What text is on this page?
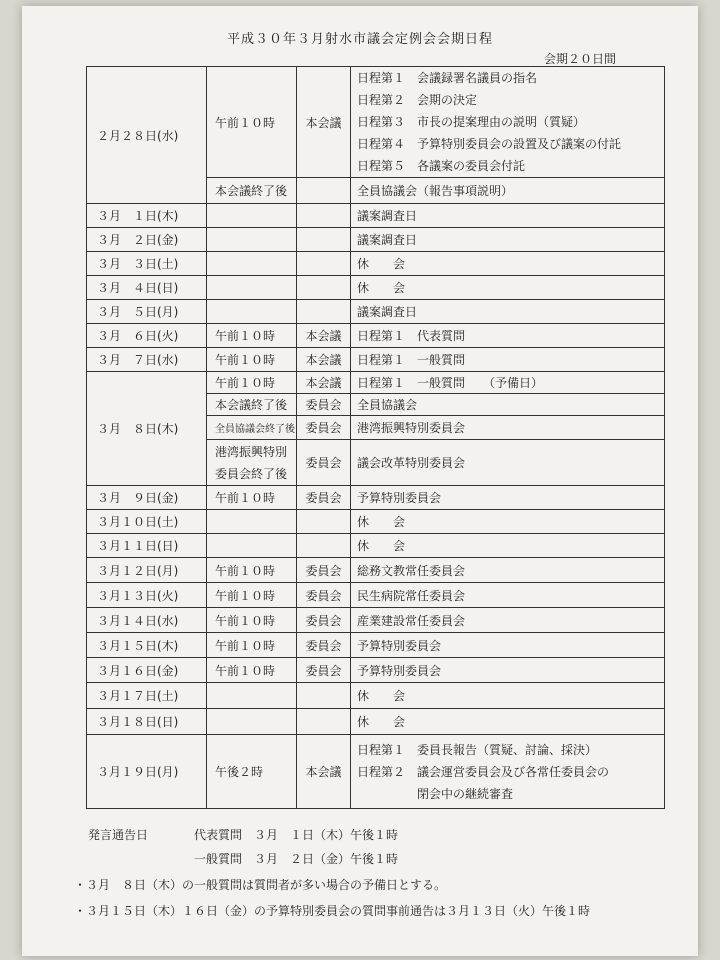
平成３０年３月射水市議会定例会会期日程
会期２０日間
２月２８日(水)	午前１０時	本会議	日程第１　会議録署名議員の指名
日程第２　会期の決定
日程第３　市長の提案理由の説明（質疑）
日程第４　予算特別委員会の設置及び議案の付託
日程第５　各議案の委員会付託

	本会議終了後		全員協議会（報告事項説明）
３月　１日(木)			議案調査日
３月　２日(金)			議案調査日
３月　３日(土)			休　　会
３月　４日(日)			休　　会
３月　５日(月)			議案調査日
３月　６日(火)	午前１０時	本会議	日程第１　代表質問
３月　７日(水)	午前１０時	本会議	日程第１　一般質問
３月　８日(木)	午前１０時	本会議	日程第１　一般質問　　（予備日）
	本会議終了後	委員会	全員協議会
	全員協議会終了後	委員会	港湾振興特別委員会

	港湾振興特別
委員会終了後	委員会	議会改革特別委員会
３月　９日(金)	午前１０時	委員会	予算特別委員会
３月１０日(土)			休　　会
３月１１日(日)			休　　会
３月１２日(月)	午前１０時	委員会	総務文教常任委員会
３月１３日(火)	午前１０時	委員会	民生病院常任委員会
３月１４日(水)	午前１０時	委員会	産業建設常任委員会
３月１５日(木)	午前１０時	委員会	予算特別委員会
３月１６日(金)	午前１０時	委員会	予算特別委員会
３月１７日(土)			休　　会
３月１８日(日)			休　　会
３月１９日(月)	午後２時	本会議	日程第１　委員長報告（質疑、討論、採決）
日程第２　議会運営委員会及び各常任委員会の
　　　　　閉会中の継続審査
発言通告日	代表質問　３月　１日（木）午後１時
一般質問　３月　２日（金）午後１時
・３月　８日（木）の一般質問は質問者が多い場合の予備日とする。
・３月１５日（木）１６日（金）の予算特別委員会の質問事前通告は３月１３日（火）午後１時
